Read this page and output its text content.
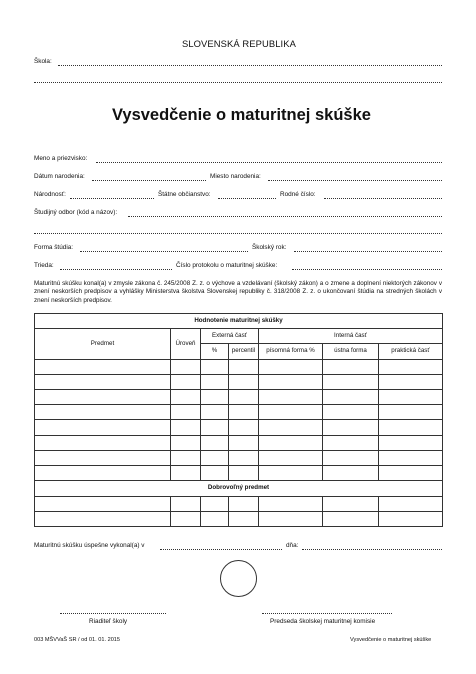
SLOVENSKÁ REPUBLIKA
Škola:
Vysvedčenie o maturitnej skúške
Meno a priezvisko:
Dátum narodenia:	Miesto narodenia:
Národnosť:	Štátne občianstvo:	Rodné číslo:
Študijný odbor (kód a názov):
Forma štúdia:	Školský rok:
Trieda:	Číslo protokolu o maturitnej skúške:
Maturitnú skúšku konal(a) v zmysle zákona č. 245/2008 Z. z. o výchove a vzdelávaní (školský zákon) a o zmene a doplnení niektorých zákonov v znení neskorších predpisov a vyhlášky Ministerstva školstva Slovenskej republiky č. 318/2008 Z. z. o ukončovaní štúdia na stredných školách v znení neskorších predpisov.
Hodnotenie maturitnej skúšky						
Predmet	Úroveň	Externá časť		Interná časť		
		%	percentil	písomná forma %	ústna forma	praktická časť

Dobrovoľný predmet						

Maturitnú skúšku úspešne vykonal(a) v	dňa:
Riaditeľ školy	Predseda školskej maturitnej komisie
003 MŠVVaŠ SR / od 01. 01. 2015	Vysvedčenie o maturitnej skúške
